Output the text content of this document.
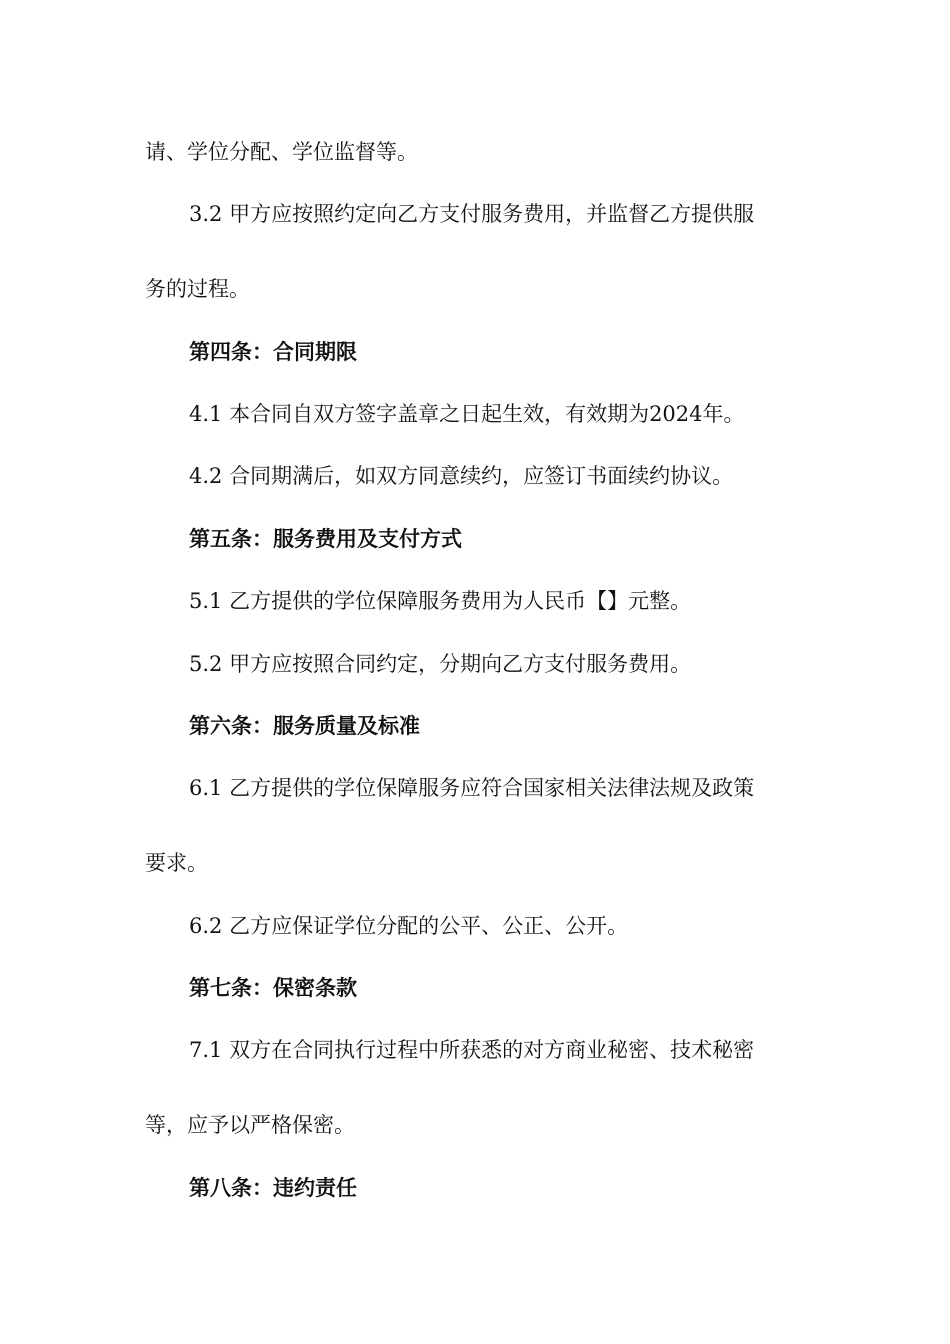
请、学位分配、学位监督等。
3.2 甲方应按照约定向乙方支付服务费用，并监督乙方提供服
务的过程。
第四条：合同期限
4.1 本合同自双方签字盖章之日起生效，有效期为2024年。
4.2 合同期满后，如双方同意续约，应签订书面续约协议。
第五条：服务费用及支付方式
5.1 乙方提供的学位保障服务费用为人民币【】元整。
5.2 甲方应按照合同约定，分期向乙方支付服务费用。
第六条：服务质量及标准
6.1 乙方提供的学位保障服务应符合国家相关法律法规及政策
要求。
6.2 乙方应保证学位分配的公平、公正、公开。
第七条：保密条款
7.1 双方在合同执行过程中所获悉的对方商业秘密、技术秘密
等，应予以严格保密。
第八条：违约责任
